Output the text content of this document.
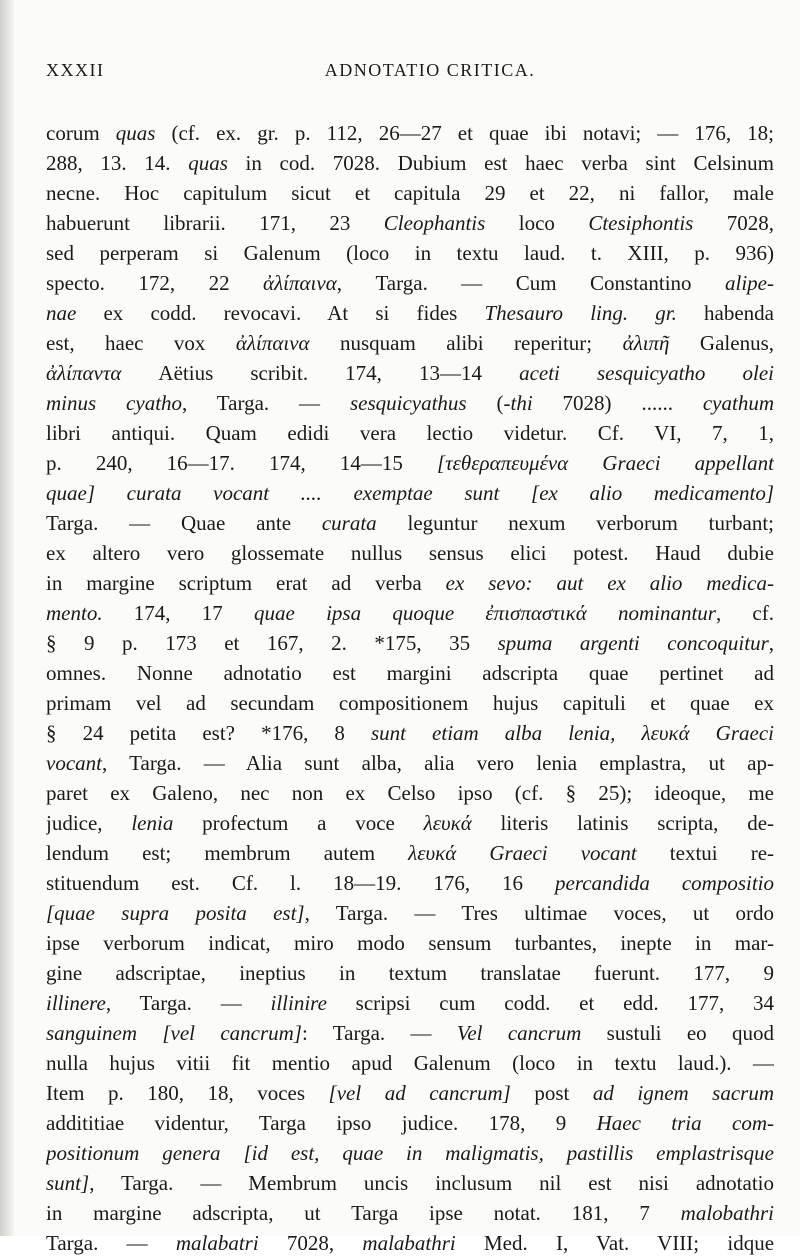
XXXII	ADNOTATIO CRITICA.
corum quas (cf. ex. gr. p. 112, 26—27 et quae ibi notavi; — 176, 18;
288, 13. 14. quas in cod. 7028. Dubium est haec verba sint Celsinum
necne. Hoc capitulum sicut et capitula 29 et 22, ni fallor, male
habuerunt librarii. 171, 23 Cleophantis loco Ctesiphontis 7028,
sed perperam si Galenum (loco in textu laud. t. XIII, p. 936)
specto. 172, 22 ἀλίπαινα, Targa. — Cum Constantino alipe-
nae ex codd. revocavi. At si fides Thesauro ling. gr. habenda
est, haec vox ἀλίπαινα nusquam alibi reperitur; ἀλιπῆ Galenus,
ἀλίπαντα Aëtius scribit. 174, 13—14 aceti sesquicyatho olei
minus cyatho, Targa. — sesquicyathus (-thi 7028) ...... cyathum
libri antiqui. Quam edidi vera lectio videtur. Cf. VI, 7, 1,
p. 240, 16—17. 174, 14—15 [τεθεραπευμένα Graeci appellant
quae] curata vocant .... exemptae sunt [ex alio medicamento]
Targa. — Quae ante curata leguntur nexum verborum turbant;
ex altero vero glossemate nullus sensus elici potest. Haud dubie
in margine scriptum erat ad verba ex sevo: aut ex alio medica-
mento. 174, 17 quae ipsa quoque ἐπισπαστικά nominantur, cf.
§ 9 p. 173 et 167, 2. *175, 35 spuma argenti concoquitur,
omnes. Nonne adnotatio est margini adscripta quae pertinet ad
primam vel ad secundam compositionem hujus capituli et quae ex
§ 24 petita est? *176, 8 sunt etiam alba lenia, λευκά Graeci
vocant, Targa. — Alia sunt alba, alia vero lenia emplastra, ut ap-
paret ex Galeno, nec non ex Celso ipso (cf. § 25); ideoque, me
judice, lenia profectum a voce λευκά literis latinis scripta, de-
lendum est; membrum autem λευκά Graeci vocant textui re-
stituendum est. Cf. l. 18—19. 176, 16 percandida compositio
[quae supra posita est], Targa. — Tres ultimae voces, ut ordo
ipse verborum indicat, miro modo sensum turbantes, inepte in mar-
gine adscriptae, ineptius in textum translatae fuerunt. 177, 9
illinere, Targa. — illinire scripsi cum codd. et edd. 177, 34
sanguinem [vel cancrum]: Targa. — Vel cancrum sustuli eo quod
nulla hujus vitii fit mentio apud Galenum (loco in textu laud.). —
Item p. 180, 18, voces [vel ad cancrum] post ad ignem sacrum
addititiae videntur, Targa ipso judice. 178, 9 Haec tria com-
positionum genera [id est, quae in maligmatis, pastillis emplastrisque
sunt], Targa. — Membrum uncis inclusum nil est nisi adnotatio
in margine adscripta, ut Targa ipse notat. 181, 7 malobathri
Targa. — malabatri 7028, malabathri Med. I, Vat. VIII; idque
